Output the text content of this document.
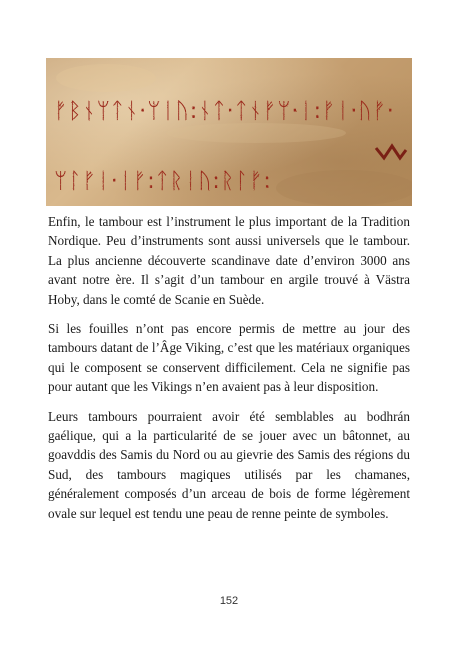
ᚠᛒᚾᛘᛏᚾ·ᛘᛁᚢ:ᚾᛏ·ᛏᚾᚠᛘ·ᛁ:ᚠᛁ·ᚢᚠ·
ᛘᛚᚠᛁ·ᛁᚠ:ᛏᚱᛁᚢ:ᚱᛚᚠ:

Enfin, le tambour est l’instrument le plus important de la Tradition Nordique. Peu d’instruments sont aussi universels que le tambour. La plus ancienne découverte scandinave date d’environ 3000 ans avant notre ère. Il s’agit d’un tambour en argile trouvé à Västra Hoby, dans le comté de Scanie en Suède.

Si les fouilles n’ont pas encore permis de mettre au jour des tambours datant de l’Âge Viking, c’est que les matériaux organiques qui le composent se conservent difficilement. Cela ne signifie pas pour autant que les Vikings n’en avaient pas à leur disposition.

Leurs tambours pourraient avoir été semblables au bodhrán gaélique, qui a la particularité de se jouer avec un bâtonnet, au goavddis des Samis du Nord ou au gievrie des Samis des régions du Sud, des tambours magiques utilisés par les chamanes, généralement composés d’un arceau de bois de forme légèrement ovale sur lequel est tendu une peau de renne peinte de symboles.

152
